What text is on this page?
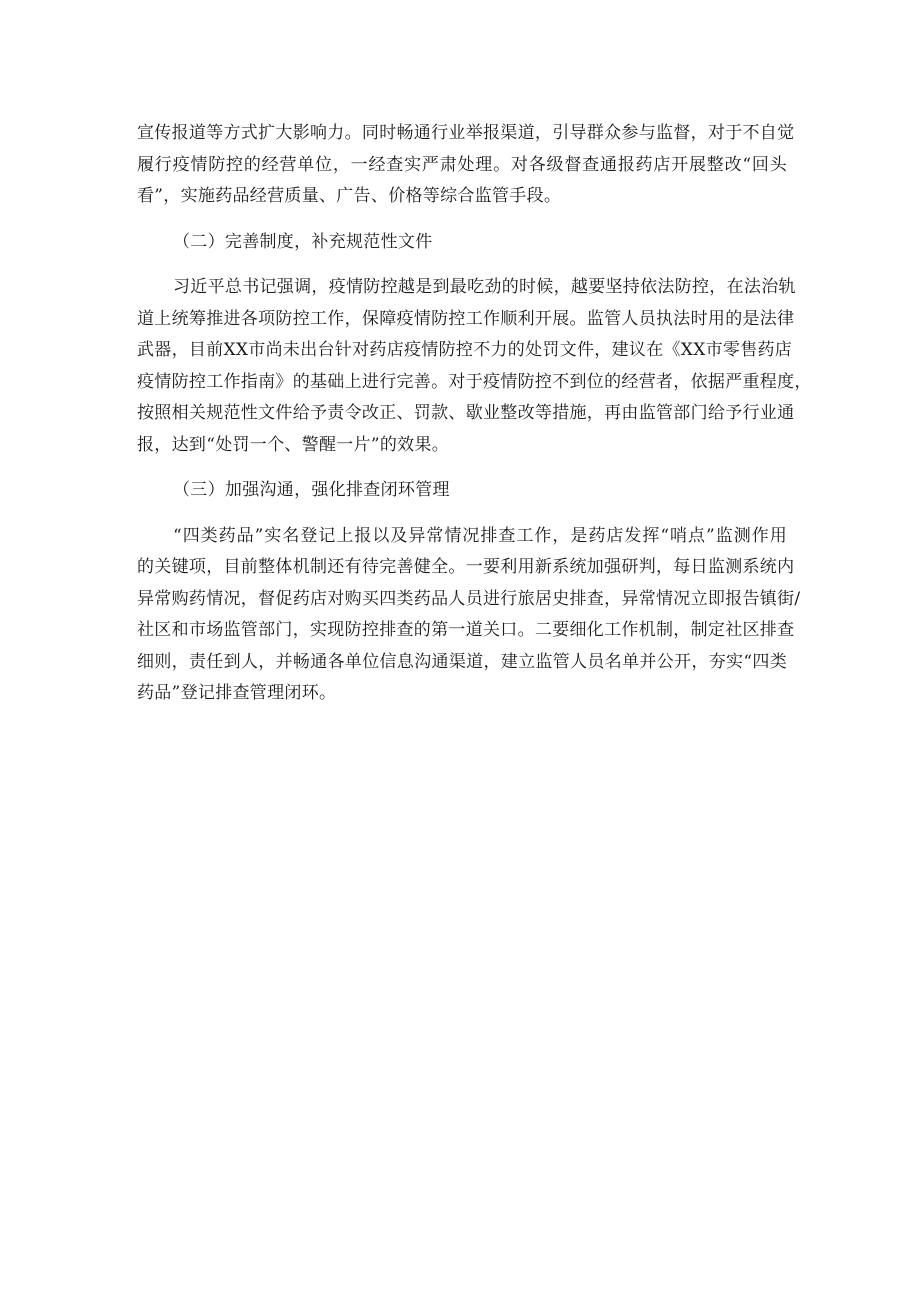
宣传报道等方式扩大影响力。同时畅通行业举报渠道，引导群众参与监督，对于不自觉
履行疫情防控的经营单位，一经查实严肃处理。对各级督查通报药店开展整改“回头
看”，实施药品经营质量、广告、价格等综合监管手段。
（二）完善制度，补充规范性文件
习近平总书记强调，疫情防控越是到最吃劲的时候，越要坚持依法防控，在法治轨
道上统筹推进各项防控工作，保障疫情防控工作顺利开展。监管人员执法时用的是法律
武器，目前XX市尚未出台针对药店疫情防控不力的处罚文件，建议在《XX市零售药店
疫情防控工作指南》的基础上进行完善。对于疫情防控不到位的经营者，依据严重程度，
按照相关规范性文件给予责令改正、罚款、歇业整改等措施，再由监管部门给予行业通
报，达到“处罚一个、警醒一片”的效果。
（三）加强沟通，强化排查闭环管理
“四类药品”实名登记上报以及异常情况排查工作，是药店发挥“哨点”监测作用
的关键项，目前整体机制还有待完善健全。一要利用新系统加强研判，每日监测系统内
异常购药情况，督促药店对购买四类药品人员进行旅居史排查，异常情况立即报告镇街/
社区和市场监管部门，实现防控排查的第一道关口。二要细化工作机制，制定社区排查
细则，责任到人，并畅通各单位信息沟通渠道，建立监管人员名单并公开，夯实“四类
药品”登记排查管理闭环。
